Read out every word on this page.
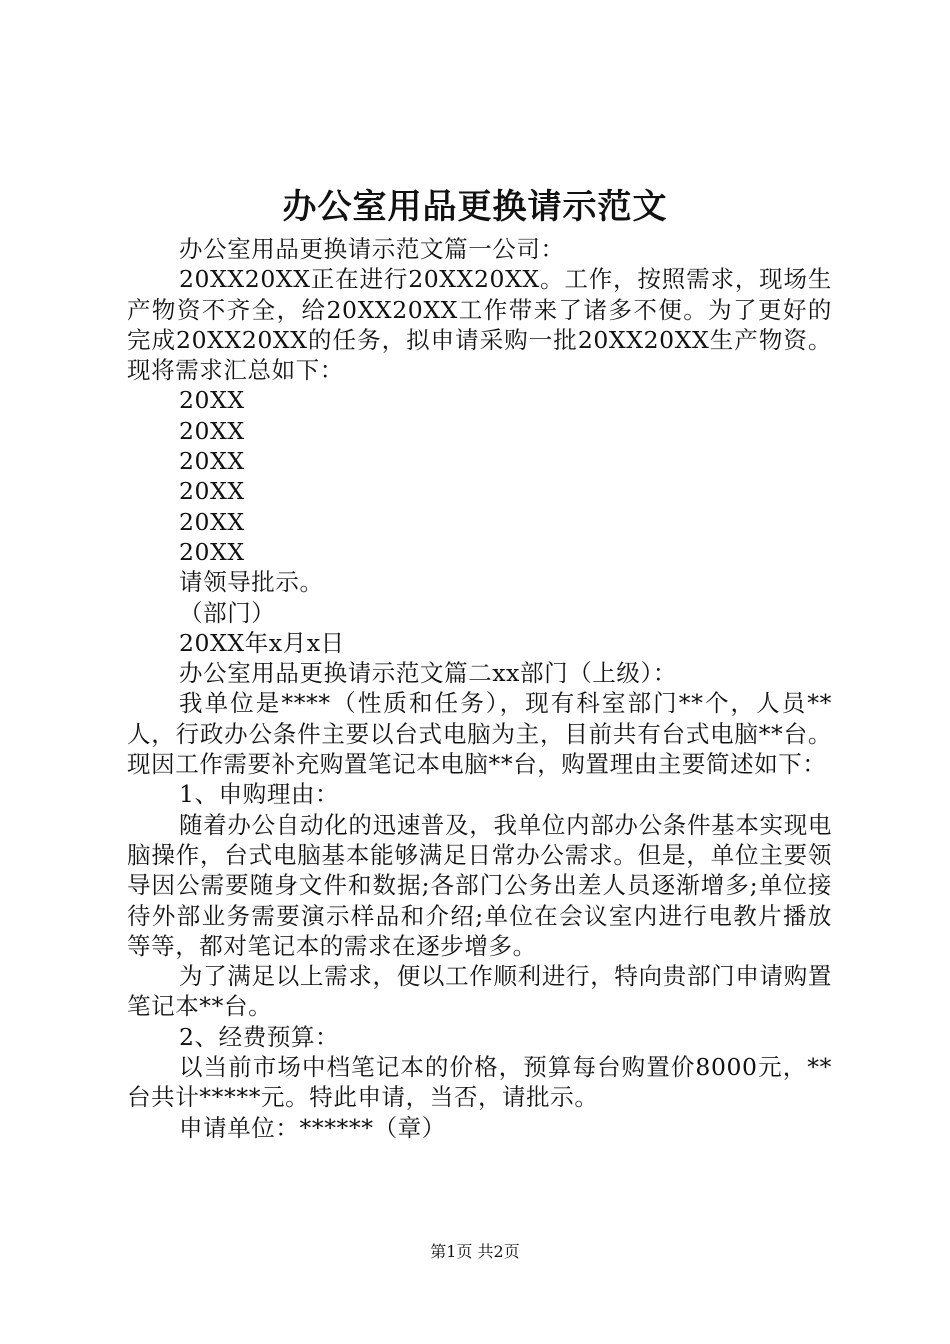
办公室用品更换请示范文

办公室用品更换请示范文篇一公司：

20XX20XX正在进行20XX20XX。工作，按照需求，现场生产物资不齐全，给20XX20XX工作带来了诸多不便。为了更好的完成20XX20XX的任务，拟申请采购一批20XX20XX生产物资。现将需求汇总如下：

20XX

20XX

20XX

20XX

20XX

20XX

请领导批示。

（部门）

20XX年x月x日

办公室用品更换请示范文篇二xx部门（上级）：

我单位是****（性质和任务），现有科室部门**个，人员**人，行政办公条件主要以台式电脑为主，目前共有台式电脑**台。现因工作需要补充购置笔记本电脑**台，购置理由主要简述如下：

1、申购理由：

随着办公自动化的迅速普及，我单位内部办公条件基本实现电脑操作，台式电脑基本能够满足日常办公需求。但是，单位主要领导因公需要随身文件和数据;各部门公务出差人员逐渐增多;单位接待外部业务需要演示样品和介绍;单位在会议室内进行电教片播放等等，都对笔记本的需求在逐步增多。

为了满足以上需求，便以工作顺利进行，特向贵部门申请购置笔记本**台。

2、经费预算：

以当前市场中档笔记本的价格，预算每台购置价8000元，**台共计*****元。特此申请，当否，请批示。

申请单位：******（章）

第1页 共2页
